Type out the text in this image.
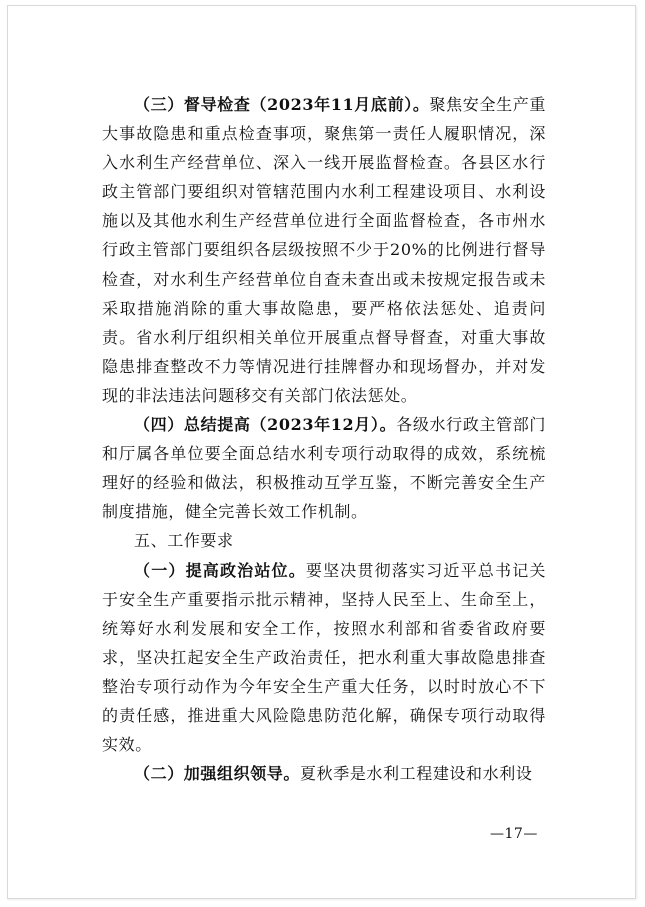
（三）督导检查（2023年11月底前）。聚焦安全生产重大事故隐患和重点检查事项，聚焦第一责任人履职情况，深入水利生产经营单位、深入一线开展监督检查。各县区水行政主管部门要组织对管辖范围内水利工程建设项目、水利设施以及其他水利生产经营单位进行全面监督检查，各市州水行政主管部门要组织各层级按照不少于20%的比例进行督导检查，对水利生产经营单位自查未查出或未按规定报告或未采取措施消除的重大事故隐患，要严格依法惩处、追责问责。省水利厅组织相关单位开展重点督导督查，对重大事故隐患排查整改不力等情况进行挂牌督办和现场督办，并对发现的非法违法问题移交有关部门依法惩处。

（四）总结提高（2023年12月）。各级水行政主管部门和厅属各单位要全面总结水利专项行动取得的成效，系统梳理好的经验和做法，积极推动互学互鉴，不断完善安全生产制度措施，健全完善长效工作机制。

五、工作要求

（一）提高政治站位。要坚决贯彻落实习近平总书记关于安全生产重要指示批示精神，坚持人民至上、生命至上，统筹好水利发展和安全工作，按照水利部和省委省政府要求，坚决扛起安全生产政治责任，把水利重大事故隐患排查整治专项行动作为今年安全生产重大任务，以时时放心不下的责任感，推进重大风险隐患防范化解，确保专项行动取得实效。

（二）加强组织领导。夏秋季是水利工程建设和水利设

—17—
